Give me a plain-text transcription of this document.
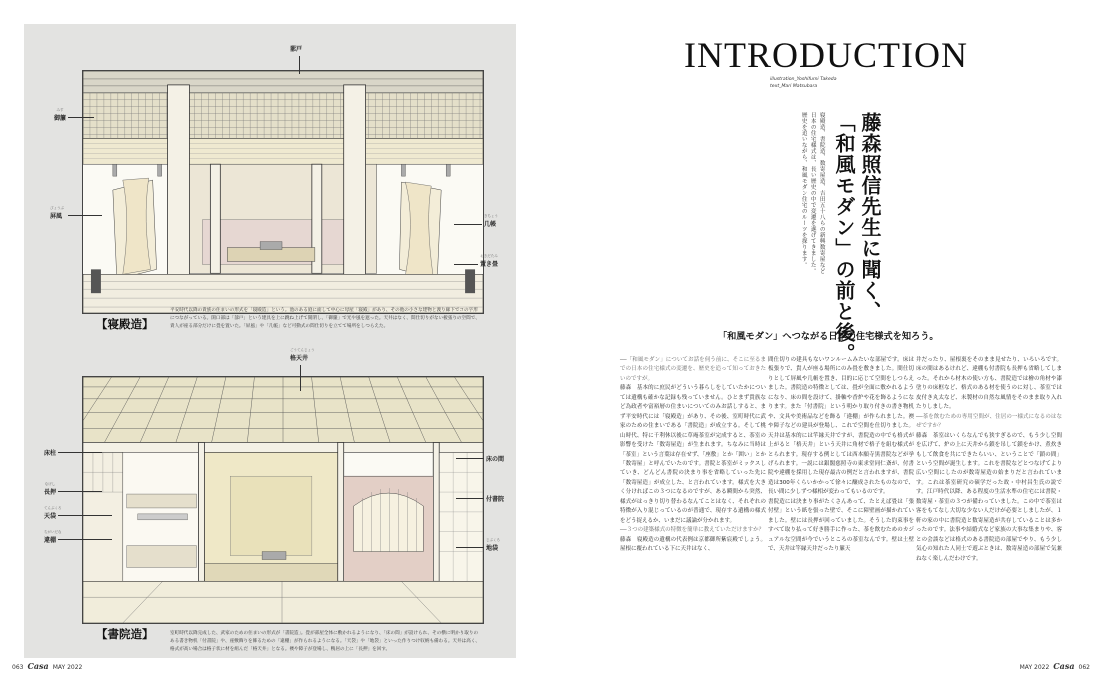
蔀戸
みす
御簾
びょうぶ
屏風	きちょう
几帳
おきだたみ
置き畳
【寝殿造】
平安時代以降の貴族の住まいの形式を「寝殿造」という。池のある庭に面して中心に母屋「寝殿」があり、その他の小さな建物と渡り廊下でコの字形につながっている。開口部は「蔀戸」という建具を上に跳ね上げて開閉し、「御簾」で光や風を遮った。天井はなく、間仕切りがない板張りの空間で、貴人が座る部分だけに畳を置いた。「屏風」や「几帳」など可動式の間仕切りを立てて場所をしつらえた。
ごうてんじょう
格天井
床柱
なげし
長押
てんぶくろ
天袋
ちがいだな
違棚
床の間
付書院
じぶくろ
地袋
【書院造】	室町時代以降完成した、武家のための住まいの形式が「書院造」。畳が部屋全体に敷かれるようになり、「床の間」が設けられ、その横に明かり取りのある書き物机「付書院」や、座敷飾りを飾るための「違棚」が作られるようになる。「天袋」や「地袋」といった作りつけ収納も備わる。天井は高く、格式が高い場合は格子状に材を組んだ「格天井」となる。襖や障子が登場し、鴨居の上に「長押」を回す。
063 Casa MAY 2022
INTRODUCTION
illustration_Yoshifumi Takeda
text_Mari Matsubara
藤森照信先生に聞く、
「和風モダン」の前と後。
寝殿造、書院造、数寄屋造、吉田五十八らの新興数寄屋など
日本の住宅様式は、長い歴史の中で変遷を遂げてきました。
歴史を追いながら、和風モダン住宅のルーツを探ります。
「和風モダン」へつながる日本の住宅様式を知ろう。

──「和風モダン」についてお話を伺う前に、そこに至るまでの日本の住宅様式の変遷を、歴史を追って知っておきたいのですが。

藤森　基本的に庶民がどういう暮らしをしていたかについては遺構も確かな記録も残っていません。ひとまず貴族など為政者や富裕層の住まいについてのみお話しすると、まず平安時代には「寝殿造」があり、その後、室町時代に武家のための住まいである「書院造」が成立する。そして桃山時代、特に千利休以後に草庵茶室が完成すると、茶室の影響を受けた「数寄屋造」が生まれます。ちなみに当時は「茶室」という言葉は存在せず、「座敷」とか「囲い」とか「数寄屋」と呼んでいたのです。書院と茶室がミックスしていき、どんどん書院の決まり事を省略していった先に「数寄屋造」が成立した、と言われています。様式を大きく分ければこの３つになるのですが、ある瞬間から突然、様式がはっきり切り替わるなんてことはなく、それぞれの特徴が入り混じっているのが普通で、現存する遺構の様式をどう捉えるか、いまだに議論が分かれます。

──３つの建築様式の特徴を簡単に教えていただけますか？

藤森　寝殿造の遺構の代表例は京都御所紫宸殿でしょう。屋根に覆われている下に天井はなく、

間仕切りの建具もないワンルームみたいな部屋です。床は板張りで、貴人が座る場所にのみ畳を敷きました。間仕切りとして屏風や几帳を置き、目的に応じて空間をしつらえました。書院造の特徴としては、畳が全面に敷かれるようになり、床の間を設けて、掛軸や香炉や花を飾るようになります。また「付書院」という明かり取り付きの書き物机や、文具や美術品などを飾る「違棚」が作られました。襖や障子などの建具が登場し、これで空間を仕切りました。天井は基本的には竿縁天井ですが、書院造の中でも格式が上がると「格天井」という天井に角材で格子を組む様式がとられます。現存する例としては西本願寺黒書院などが挙げられます。一説には銀閣慈照寺の東求堂同仁斎が、付書院や違棚を採用した現存最古の例だと言われますが、書院造は300年くらいかかって徐々に醸成されたものなので、長い間に少しずつ様相が変わってもいるのです。

書院造には決まり事がたくさんあって、たとえば畳は「張付壁」という紙を張った壁で、そこに障壁画が描かれていました。壁には長押が回っていました。そうした約束事をすべて取り払って好き勝手に作った、茶を飲むためのカジュアルな空間が今でいうところの茶室なんです。壁は土壁で、天井は竿縁天井だったり簾天

井だったり、屋根裏をそのまま見せたり、いろいろです。床の間はあるけれど、違棚も付書院も長押も省略してしまった。それから材木の使い方も、書院造では檜の角材や漆塗りの床框など、格式のある材を使うのに対し、茶室では皮付き丸太など、未製材の自然な風情をそのまま取り入れたりしました。

──茶を飲むための専用空間が、住居の一様式になるのはなぜですか？

藤森　茶室はいくらなんでも狭すぎるので、もう少し空間を広げて、炉の上に天井から鎖を吊して鎖をかけ、煮炊きもして飲食を共にできたらいい、ということで「鎖の間」という空間が誕生します。これを書院などとつなげてより広い空間にしたのが数寄屋造の始まりだと言われています。これは茶室研究の碩学だった故・中村昌生氏の説です。江戸時代以降、ある程度の生活水準の住宅には書院・数寄屋・茶室の３つが備わっていました。この中で茶室は客をもてなし大切な少ない人だけが必要としましたが、１軒の家の中に書院造と数寄屋造が共存していることは多かったのです。法事や結婚式など家族の大事な集まりや、客との会談などは格式のある書院造の部屋でやり、もう少し気心の知れた人同士で遊ぶときは、数寄屋造の部屋で気兼ねなく楽しんだわけです。

MAY 2022 Casa 062
